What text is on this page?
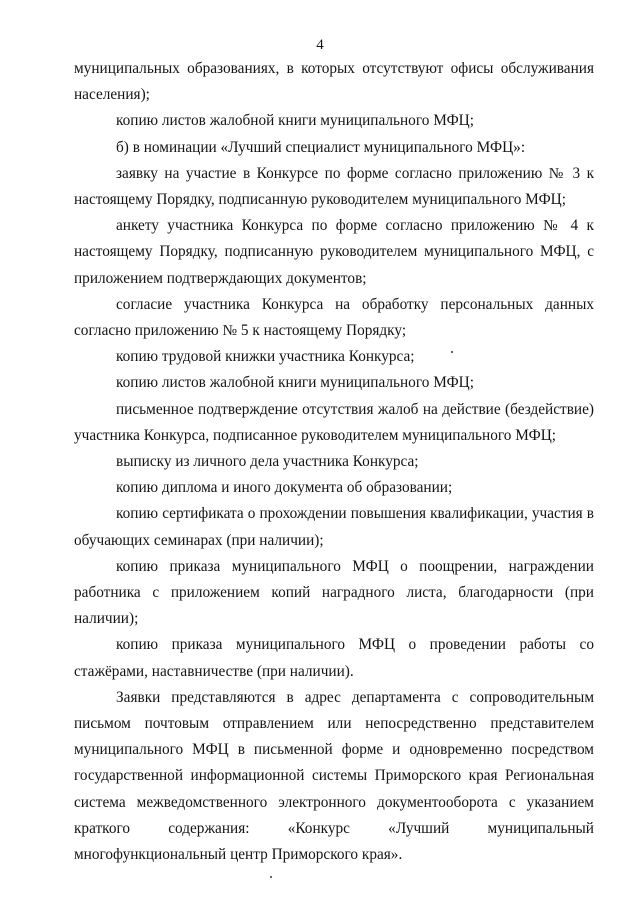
4

муниципальных образованиях, в которых отсутствуют офисы обслуживания населения);

копию листов жалобной книги муниципального МФЦ;

б) в номинации «Лучший специалист муниципального МФЦ»:

заявку на участие в Конкурсе по форме согласно приложению № 3 к настоящему Порядку, подписанную руководителем муниципального МФЦ;

анкету участника Конкурса по форме согласно приложению № 4 к настоящему Порядку, подписанную руководителем муниципального МФЦ, с приложением подтверждающих документов;

согласие участника Конкурса на обработку персональных данных согласно приложению № 5 к настоящему Порядку;

копию трудовой книжки участника Конкурса;

копию листов жалобной книги муниципального МФЦ;

письменное подтверждение отсутствия жалоб на действие (бездействие) участника Конкурса, подписанное руководителем муниципального МФЦ;

выписку из личного дела участника Конкурса;

копию диплома и иного документа об образовании;

копию сертификата о прохождении повышения квалификации, участия в обучающих семинарах (при наличии);

копию приказа муниципального МФЦ о поощрении, награждении работника с приложением копий наградного листа, благодарности (при наличии);

копию приказа муниципального МФЦ о проведении работы со стажёрами, наставничестве (при наличии).

Заявки представляются в адрес департамента с сопроводительным письмом почтовым отправлением или непосредственно представителем муниципального МФЦ в письменной форме и одновременно посредством государственной информационной системы Приморского края Региональная система межведомственного электронного документооборота с указанием краткого содержания: «Конкурс «Лучший муниципальный многофункциональный центр Приморского края».
